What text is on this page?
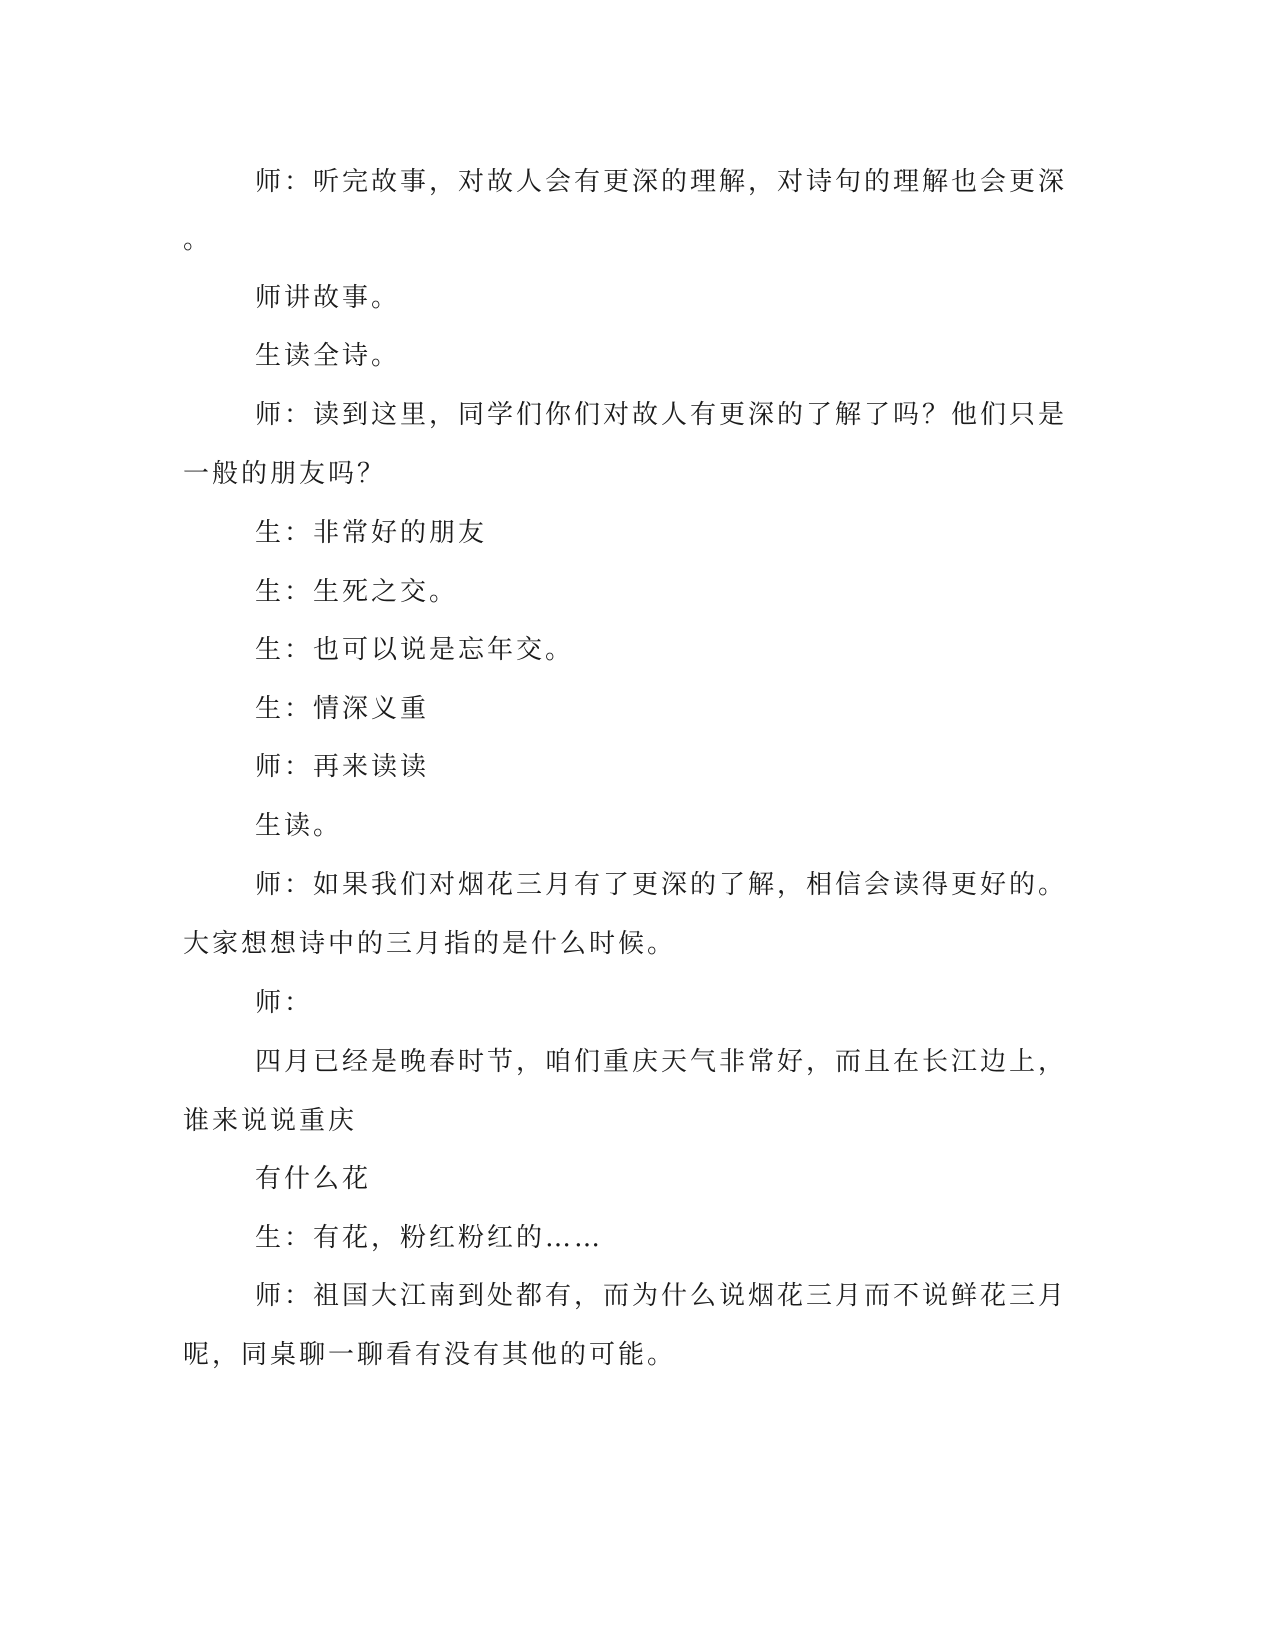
师：听完故事，对故人会有更深的理解，对诗句的理解也会更深

。

师讲故事。

生读全诗。

师：读到这里，同学们你们对故人有更深的了解了吗？他们只是

一般的朋友吗？

生：非常好的朋友

生：生死之交。

生：也可以说是忘年交。

生：情深义重

师：再来读读

生读。

师：如果我们对烟花三月有了更深的了解，相信会读得更好的。

大家想想诗中的三月指的是什么时候。

师：

四月已经是晚春时节，咱们重庆天气非常好，而且在长江边上，

谁来说说重庆

有什么花

生：有花，粉红粉红的……

师：祖国大江南到处都有，而为什么说烟花三月而不说鲜花三月

呢，同桌聊一聊看有没有其他的可能。
